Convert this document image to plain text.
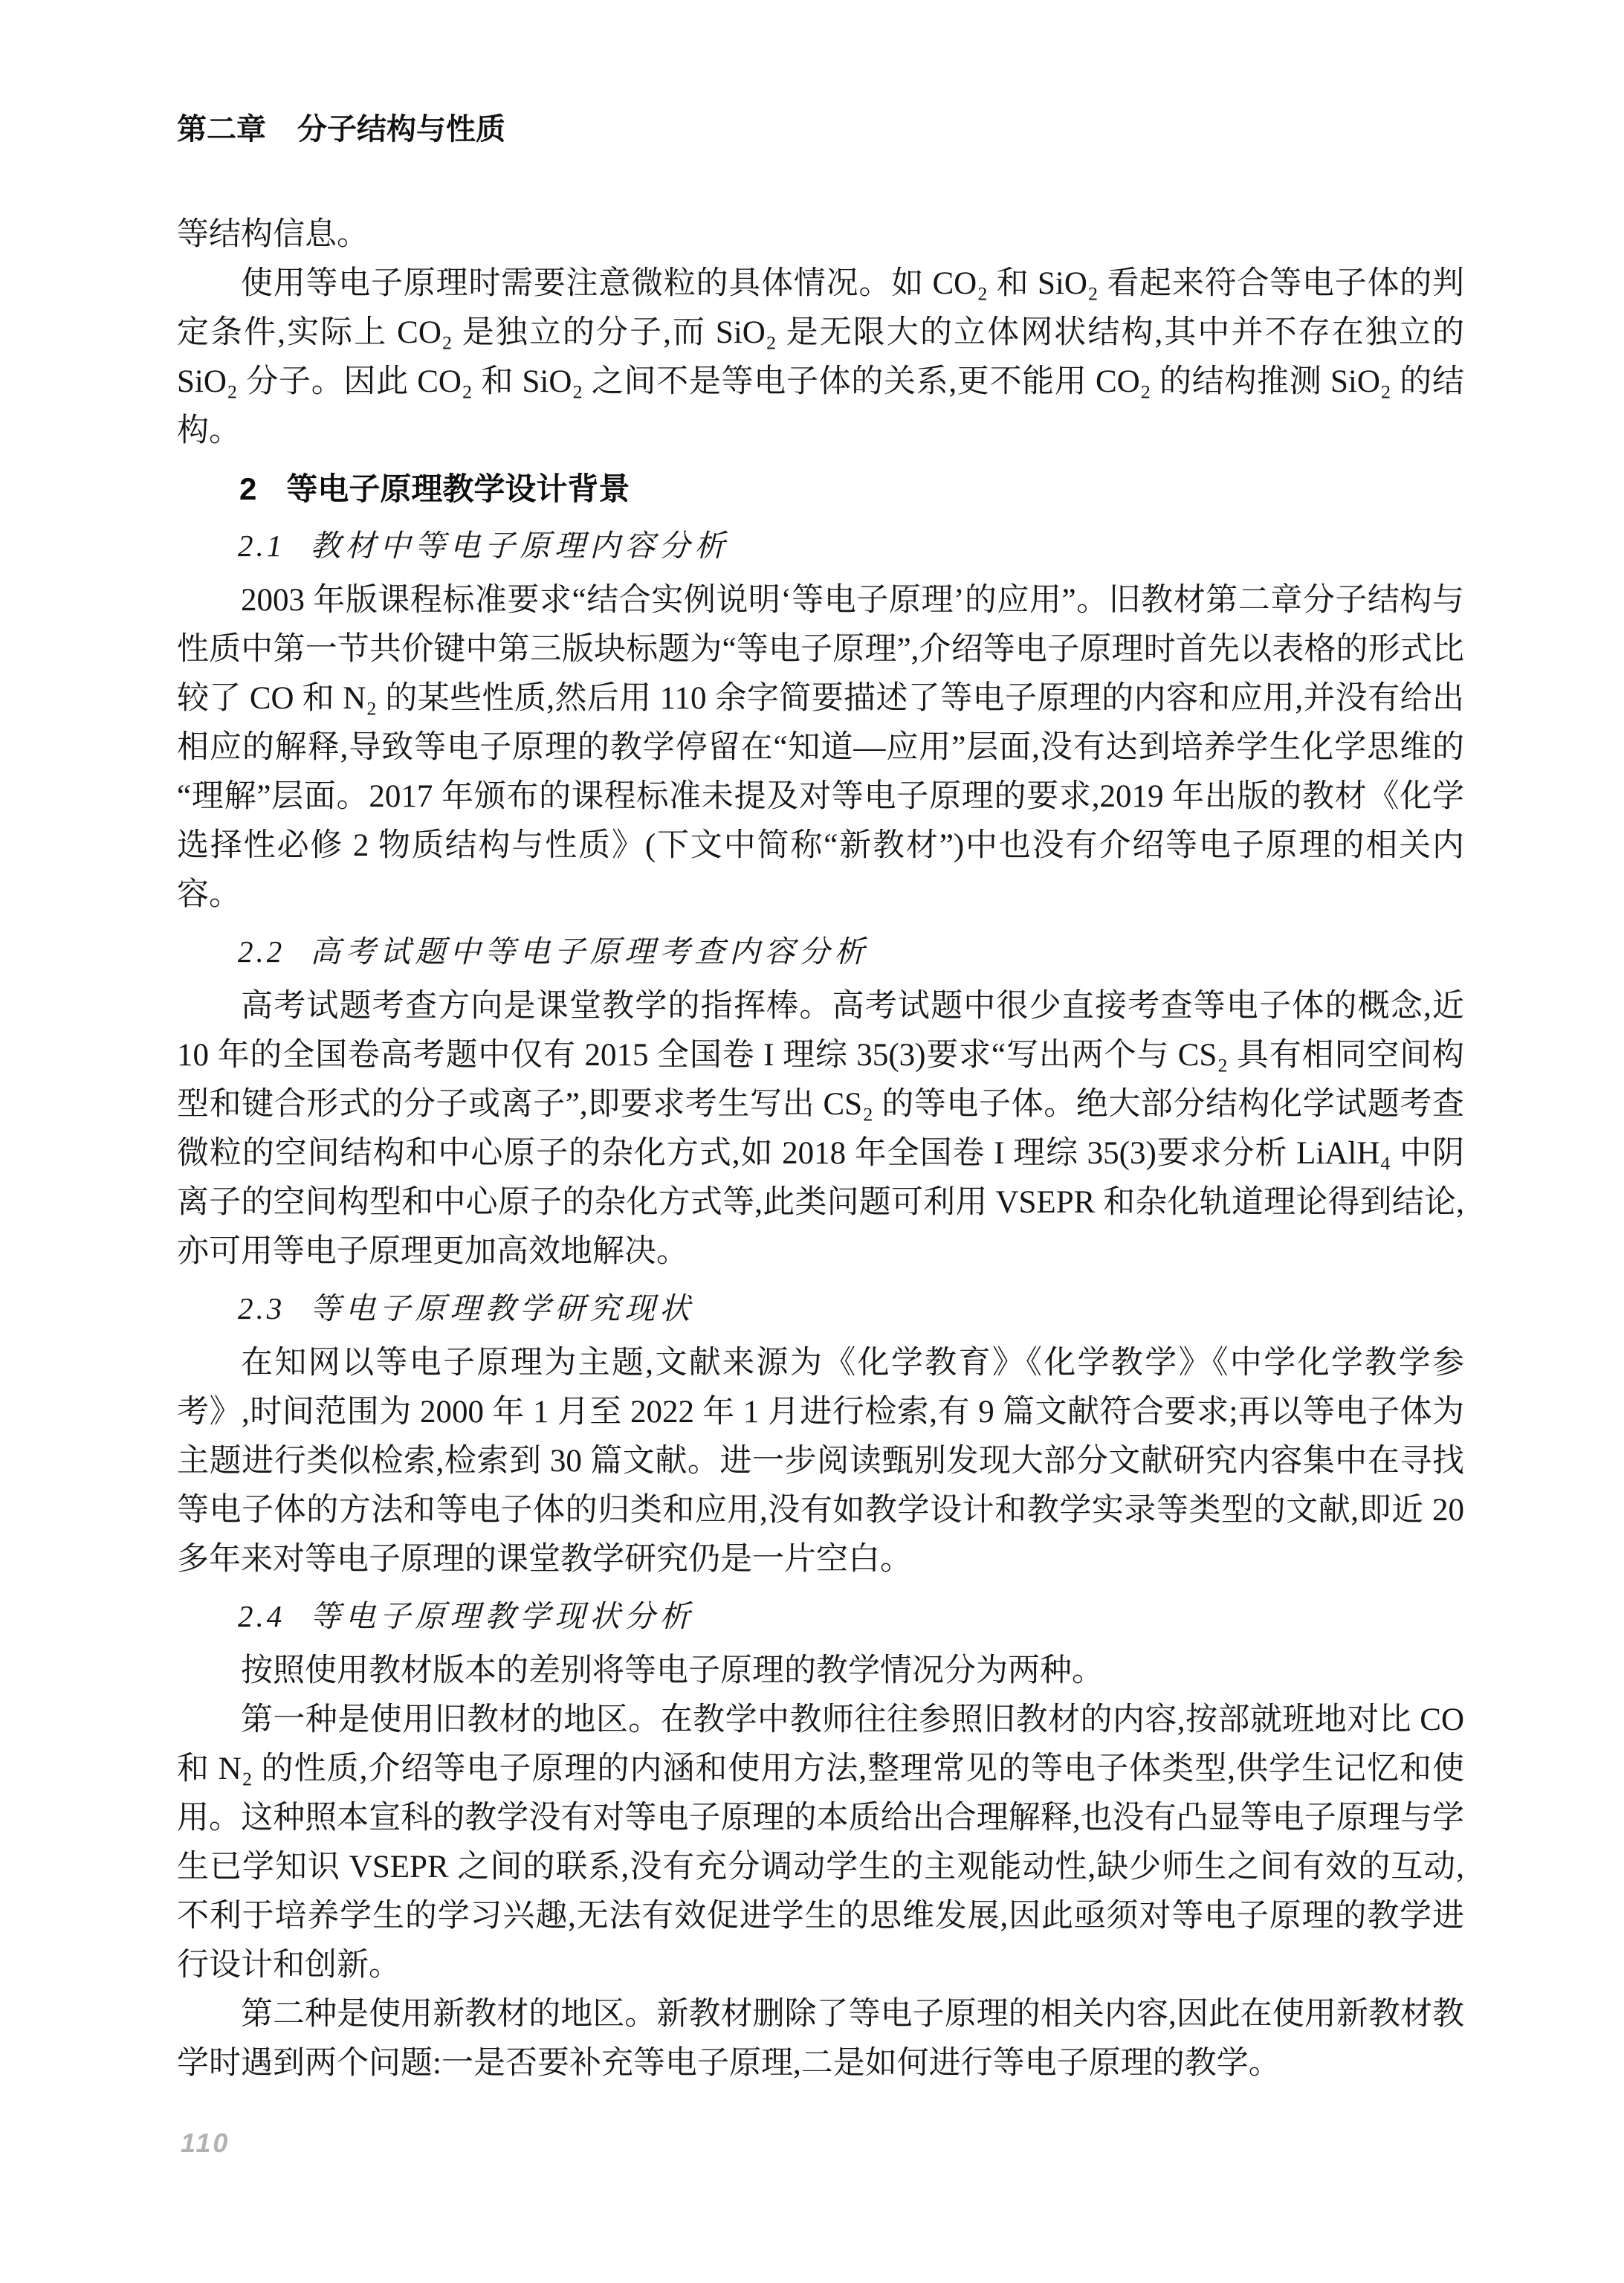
第二章 分子结构与性质

等结构信息。

使用等电子原理时需要注意微粒的具体情况。如 CO₂ 和 SiO₂ 看起来符合等电子体的判定条件,实际上 CO₂ 是独立的分子,而 SiO₂ 是无限大的立体网状结构,其中并不存在独立的 SiO₂ 分子。因此 CO₂ 和 SiO₂ 之间不是等电子体的关系,更不能用 CO₂ 的结构推测 SiO₂ 的结构。

2 等电子原理教学设计背景
2.1 教材中等电子原理内容分析

2003 年版课程标准要求“结合实例说明‘等电子原理’的应用”。旧教材第二章分子结构与性质中第一节共价键中第三版块标题为“等电子原理”,介绍等电子原理时首先以表格的形式比较了 CO 和 N₂ 的某些性质,然后用 110 余字简要描述了等电子原理的内容和应用,并没有给出相应的解释,导致等电子原理的教学停留在“知道—应用”层面,没有达到培养学生化学思维的“理解”层面。2017 年颁布的课程标准未提及对等电子原理的要求,2019 年出版的教材《化学选择性必修 2 物质结构与性质》(下文中简称“新教材”)中也没有介绍等电子原理的相关内容。

2.2 高考试题中等电子原理考查内容分析

高考试题考查方向是课堂教学的指挥棒。高考试题中很少直接考查等电子体的概念,近 10 年的全国卷高考题中仅有 2015 全国卷 I 理综 35(3)要求“写出两个与 CS₂ 具有相同空间构型和键合形式的分子或离子”,即要求考生写出 CS₂ 的等电子体。绝大部分结构化学试题考查微粒的空间结构和中心原子的杂化方式,如 2018 年全国卷 I 理综 35(3)要求分析 LiAlH₄ 中阴离子的空间构型和中心原子的杂化方式等,此类问题可利用 VSEPR 和杂化轨道理论得到结论,亦可用等电子原理更加高效地解决。

2.3 等电子原理教学研究现状

在知网以等电子原理为主题,文献来源为《化学教育》《化学教学》《中学化学教学参考》,时间范围为 2000 年 1 月至 2022 年 1 月进行检索,有 9 篇文献符合要求;再以等电子体为主题进行类似检索,检索到 30 篇文献。进一步阅读甄别发现大部分文献研究内容集中在寻找等电子体的方法和等电子体的归类和应用,没有如教学设计和教学实录等类型的文献,即近 20 多年来对等电子原理的课堂教学研究仍是一片空白。

2.4 等电子原理教学现状分析

按照使用教材版本的差别将等电子原理的教学情况分为两种。

第一种是使用旧教材的地区。在教学中教师往往参照旧教材的内容,按部就班地对比 CO 和 N₂ 的性质,介绍等电子原理的内涵和使用方法,整理常见的等电子体类型,供学生记忆和使用。这种照本宣科的教学没有对等电子原理的本质给出合理解释,也没有凸显等电子原理与学生已学知识 VSEPR 之间的联系,没有充分调动学生的主观能动性,缺少师生之间有效的互动,不利于培养学生的学习兴趣,无法有效促进学生的思维发展,因此亟须对等电子原理的教学进行设计和创新。

第二种是使用新教材的地区。新教材删除了等电子原理的相关内容,因此在使用新教材教学时遇到两个问题:一是否要补充等电子原理,二是如何进行等电子原理的教学。

110
